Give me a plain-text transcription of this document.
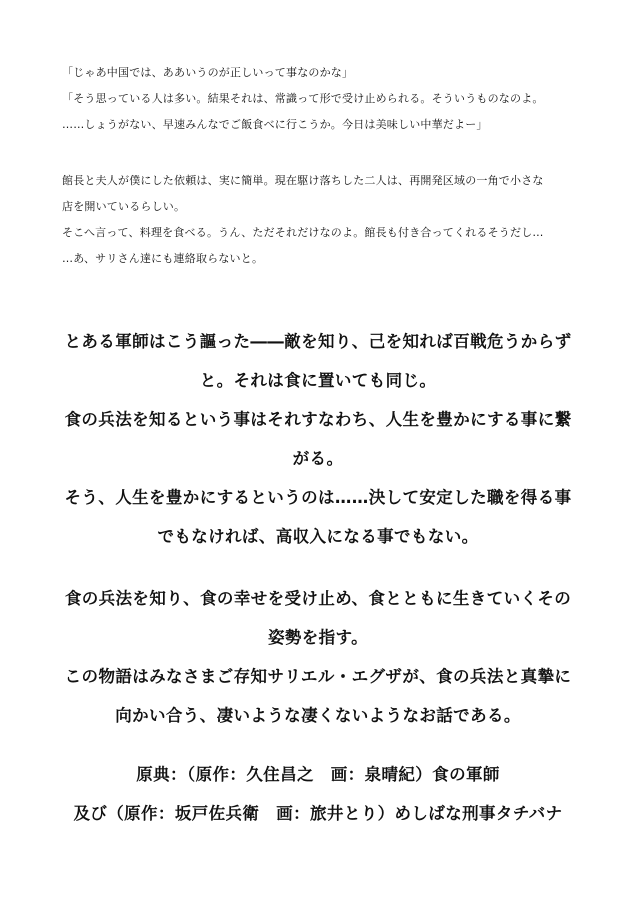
「じゃあ中国では、ああいうのが正しいって事なのかな」
「そう思っている人は多い。結果それは、常識って形で受け止められる。そういうものなのよ。
……しょうがない、早速みんなでご飯食べに行こうか。今日は美味しい中華だよー」
館長と夫人が僕にした依頼は、実に簡単。現在駆け落ちした二人は、再開発区域の一角で小さな
店を開いているらしい。
そこへ言って、料理を食べる。うん、ただそれだけなのよ。館長も付き合ってくれるそうだし…
…あ、サリさん達にも連絡取らないと。
とある軍師はこう謳った――敵を知り、己を知れば百戦危うからず
と。それは食に置いても同じ。
食の兵法を知るという事はそれすなわち、人生を豊かにする事に繋
がる。
そう、人生を豊かにするというのは……決して安定した職を得る事
でもなければ、高収入になる事でもない。
食の兵法を知り、食の幸せを受け止め、食とともに生きていくその
姿勢を指す。
この物語はみなさまご存知サリエル・エグザが、食の兵法と真摯に
向かい合う、凄いような凄くないようなお話である。
原典：（原作：久住昌之　画：泉晴紀）食の軍師
及び（原作：坂戸佐兵衛　画：旅井とり）めしばな刑事タチバナ
